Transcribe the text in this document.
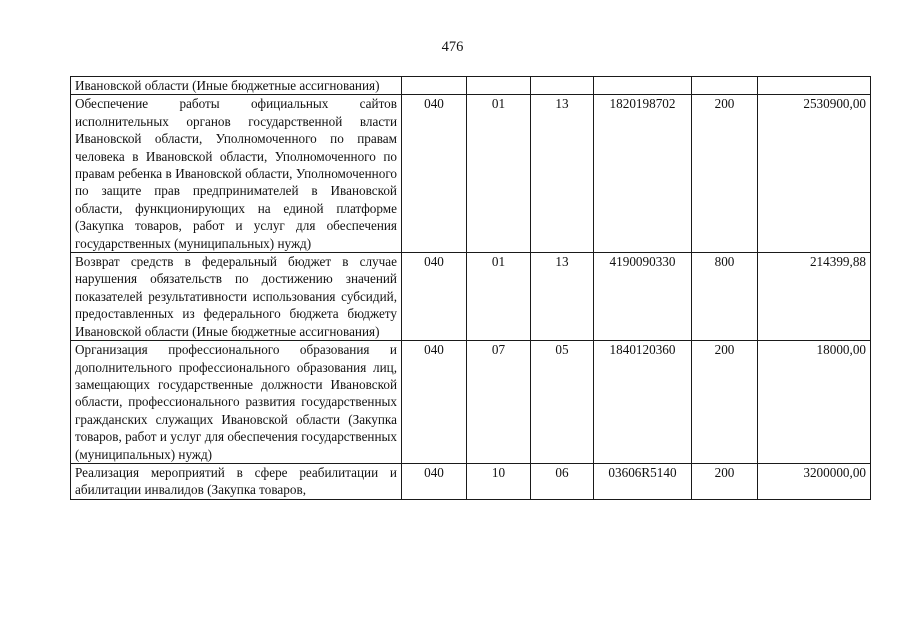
476
Ивановской области (Иные бюджетные ассигнования)						
Обеспечение работы официальных сайтов исполнительных органов государственной власти Ивановской области, Уполномоченного по правам человека в Ивановской области, Уполномоченного по правам ребенка в Ивановской области, Уполномоченного по защите прав предпринимателей в Ивановской области, функционирующих на единой платформе (Закупка товаров, работ и услуг для обеспечения государственных (муниципальных) нужд)	040	01	13	1820198702	200	2530900,00
Возврат средств в федеральный бюджет в случае нарушения обязательств по достижению значений показателей результативности использования субсидий, предоставленных из федерального бюджета бюджету Ивановской области (Иные бюджетные ассигнования)	040	01	13	4190090330	800	214399,88
Организация профессионального образования и дополнительного профессионального образования лиц, замещающих государственные должности Ивановской области, профессионального развития государственных гражданских служащих Ивановской области (Закупка товаров, работ и услуг для обеспечения государственных (муниципальных) нужд)	040	07	05	1840120360	200	18000,00
Реализация мероприятий в сфере реабилитации и абилитации инвалидов (Закупка товаров,	040	10	06	03606R5140	200	3200000,00
